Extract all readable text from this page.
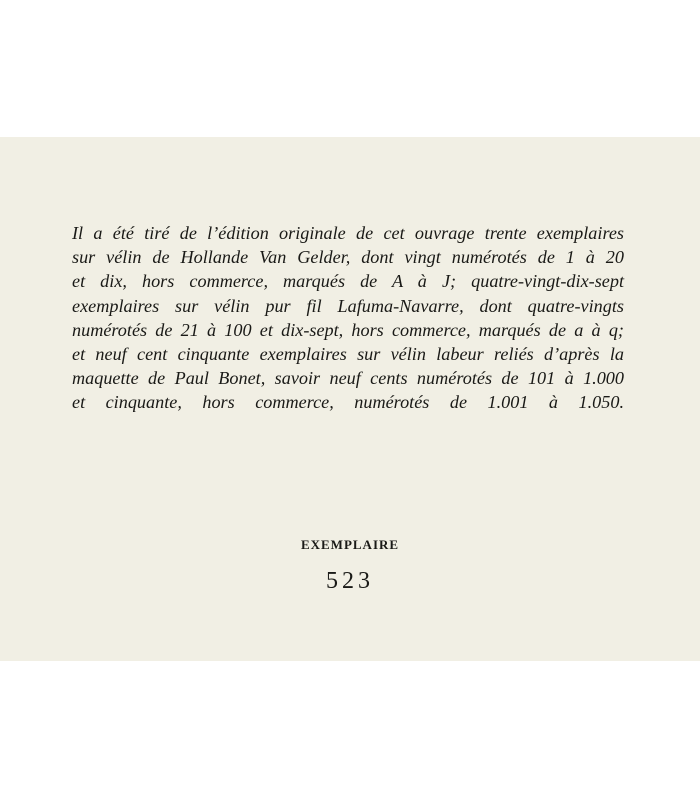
Il a été tiré de l’édition originale de cet ouvrage trente exemplaires
sur vélin de Hollande Van Gelder, dont vingt numérotés de 1 à 20
et dix, hors commerce, marqués de A à J; quatre-vingt-dix-sept
exemplaires sur vélin pur fil Lafuma-Navarre, dont quatre-vingts
numérotés de 21 à 100 et dix-sept, hors commerce, marqués de a à q;
et neuf cent cinquante exemplaires sur vélin labeur reliés d’après la
maquette de Paul Bonet, savoir neuf cents numérotés de 101 à 1.000
et cinquante, hors commerce, numérotés de 1.001 à 1.050.

EXEMPLAIRE
523
